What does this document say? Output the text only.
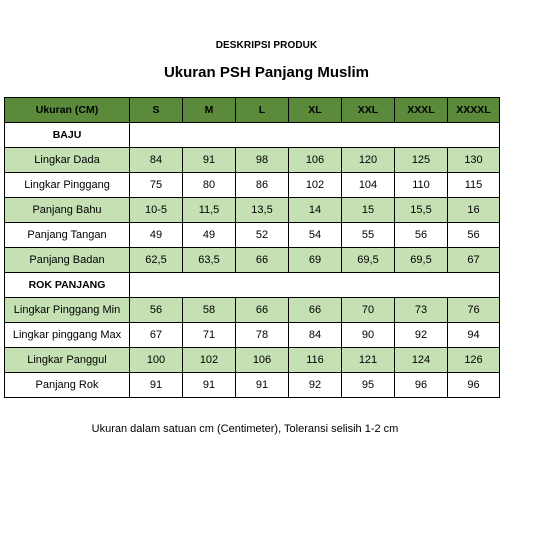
DESKRIPSI PRODUK
Ukuran PSH Panjang Muslim
Ukuran (CM)	S	M	L	XL	XXL	XXXL	XXXXL
BAJU							
Lingkar Dada	84	91	98	106	120	125	130
Lingkar Pinggang	75	80	86	102	104	110	115
Panjang Bahu	10-5	11,5	13,5	14	15	15,5	16
Panjang Tangan	49	49	52	54	55	56	56
Panjang Badan	62,5	63,5	66	69	69,5	69,5	67
ROK PANJANG							
Lingkar Pinggang Min	56	58	66	66	70	73	76
Lingkar pinggang Max	67	71	78	84	90	92	94
Lingkar Panggul	100	102	106	116	121	124	126
Panjang Rok	91	91	91	92	95	96	96
Ukuran dalam satuan cm (Centimeter), Toleransi selisih 1-2 cm
